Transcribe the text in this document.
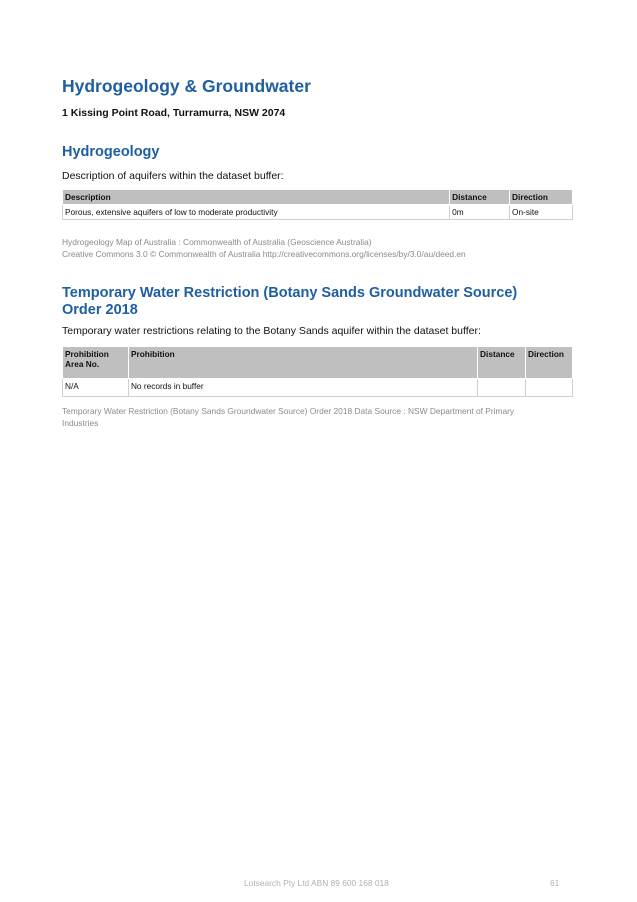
Hydrogeology & Groundwater
1 Kissing Point Road, Turramurra, NSW 2074
Hydrogeology
Description of aquifers within the dataset buffer:
Description	Distance	Direction
Porous, extensive aquifers of low to moderate productivity	0m	On-site
Hydrogeology Map of Australia : Commonwealth of Australia (Geoscience Australia)
Creative Commons 3.0 © Commonwealth of Australia http://creativecommons.org/licenses/by/3.0/au/deed.en
Temporary Water Restriction (Botany Sands Groundwater Source)
Order 2018
Temporary water restrictions relating to the Botany Sands aquifer within the dataset buffer:
Prohibition Area No.	Prohibition	Distance	Direction
N/A	No records in buffer		
Temporary Water Restriction (Botany Sands Groundwater Source) Order 2018 Data Source : NSW Department of Primary
Industries
Lotsearch Pty Ltd ABN 89 600 168 018	61
